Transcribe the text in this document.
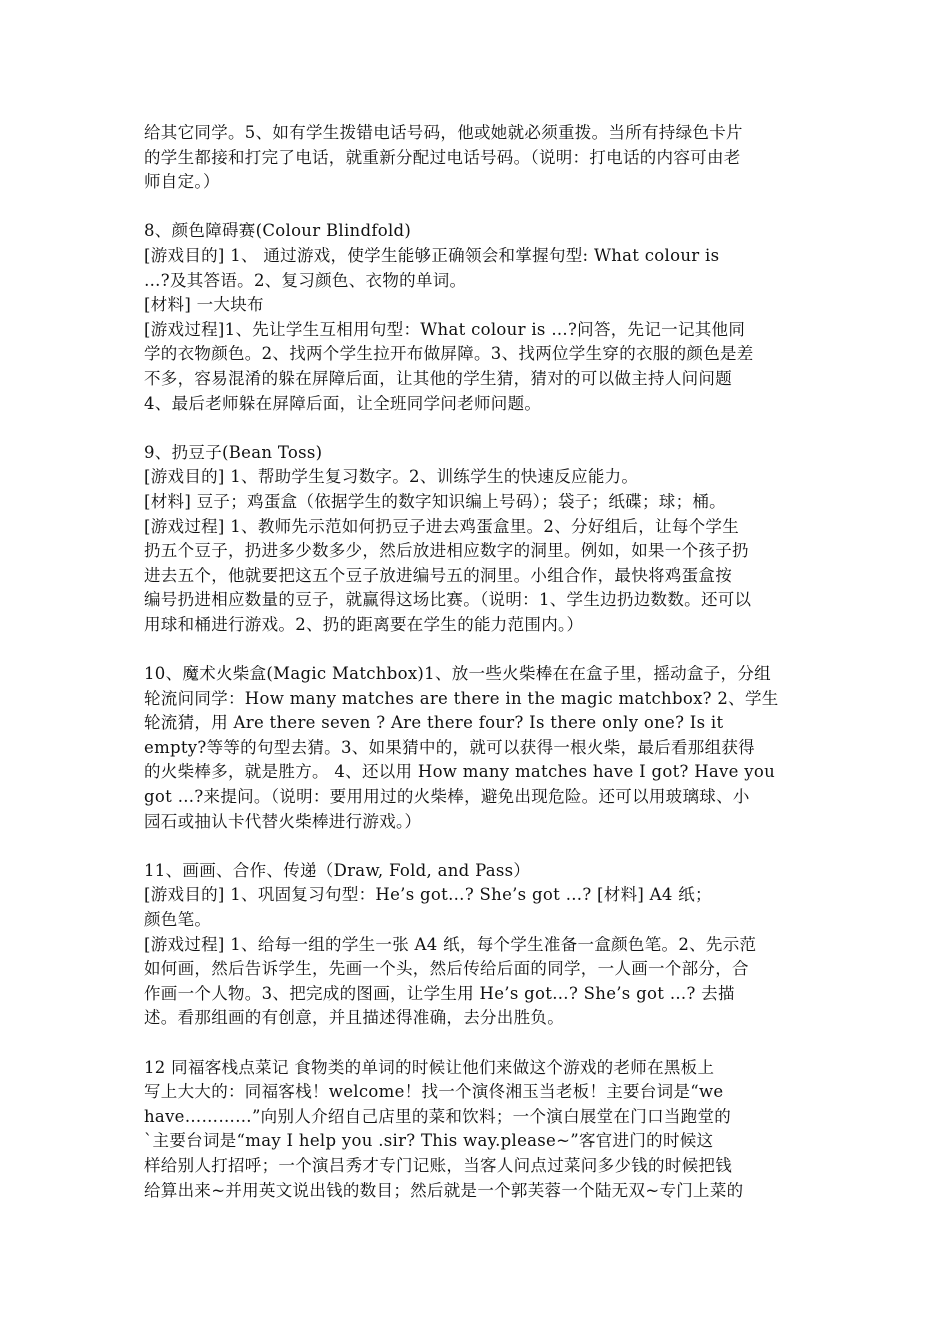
给其它同学。5、如有学生拨错电话号码，他或她就必须重拨。当所有持绿色卡片
的学生都接和打完了电话，就重新分配过电话号码。（说明：打电话的内容可由老
师自定。）
8、颜色障碍赛(Colour Blindfold)
[游戏目的] 1、 通过游戏，使学生能够正确领会和掌握句型: What colour is
…?及其答语。2、复习颜色、衣物的单词。
[材料] 一大块布
[游戏过程]1、先让学生互相用句型：What colour is …?问答，先记一记其他同
学的衣物颜色。2、找两个学生拉开布做屏障。3、找两位学生穿的衣服的颜色是差
不多，容易混淆的躲在屏障后面，让其他的学生猜，猜对的可以做主持人问问题
4、最后老师躲在屏障后面，让全班同学问老师问题。
9、扔豆子(Bean Toss)
[游戏目的] 1、帮助学生复习数字。2、训练学生的快速反应能力。
[材料] 豆子；鸡蛋盒（依据学生的数字知识编上号码）；袋子；纸碟；球；桶。
[游戏过程] 1、教师先示范如何扔豆子进去鸡蛋盒里。2、分好组后，让每个学生
扔五个豆子，扔进多少数多少，然后放进相应数字的洞里。例如，如果一个孩子扔
进去五个，他就要把这五个豆子放进编号五的洞里。小组合作，最快将鸡蛋盒按
编号扔进相应数量的豆子，就赢得这场比赛。（说明：1、学生边扔边数数。还可以
用球和桶进行游戏。2、扔的距离要在学生的能力范围内。）
10、魔术火柴盒(Magic Matchbox)1、放一些火柴棒在在盒子里，摇动盒子，分组
轮流问同学：How many matches are there in the magic matchbox? 2、学生
轮流猜，用 Are there seven ? Are there four? Is there only one? Is it
empty?等等的句型去猜。3、如果猜中的，就可以获得一根火柴，最后看那组获得
的火柴棒多，就是胜方。 4、还以用 How many matches have I got? Have you
got …?来提问。（说明：要用用过的火柴棒，避免出现危险。还可以用玻璃球、小
园石或抽认卡代替火柴棒进行游戏。）
11、画画、合作、传递（Draw, Fold, and Pass）
[游戏目的] 1、巩固复习句型：He’s got…? She’s got …? [材料] A4 纸；
颜色笔。
[游戏过程] 1、给每一组的学生一张 A4 纸，每个学生准备一盒颜色笔。2、先示范
如何画，然后告诉学生，先画一个头，然后传给后面的同学，一人画一个部分，合
作画一个人物。3、把完成的图画，让学生用 He’s got…? She’s got …? 去描
述。看那组画的有创意，并且描述得准确，去分出胜负。
12 同福客栈点菜记 食物类的单词的时候让他们来做这个游戏的老师在黑板上
写上大大的：同福客栈！welcome！找一个演佟湘玉当老板！主要台词是“we
have…………”向别人介绍自己店里的菜和饮料；一个演白展堂在门口当跑堂的
`主要台词是“may I help you .sir? This way.please~”客官进门的时候这
样给别人打招呼；一个演吕秀才专门记账，当客人问点过菜问多少钱的时候把钱
给算出来~并用英文说出钱的数目；然后就是一个郭芙蓉一个陆无双~专门上菜的
